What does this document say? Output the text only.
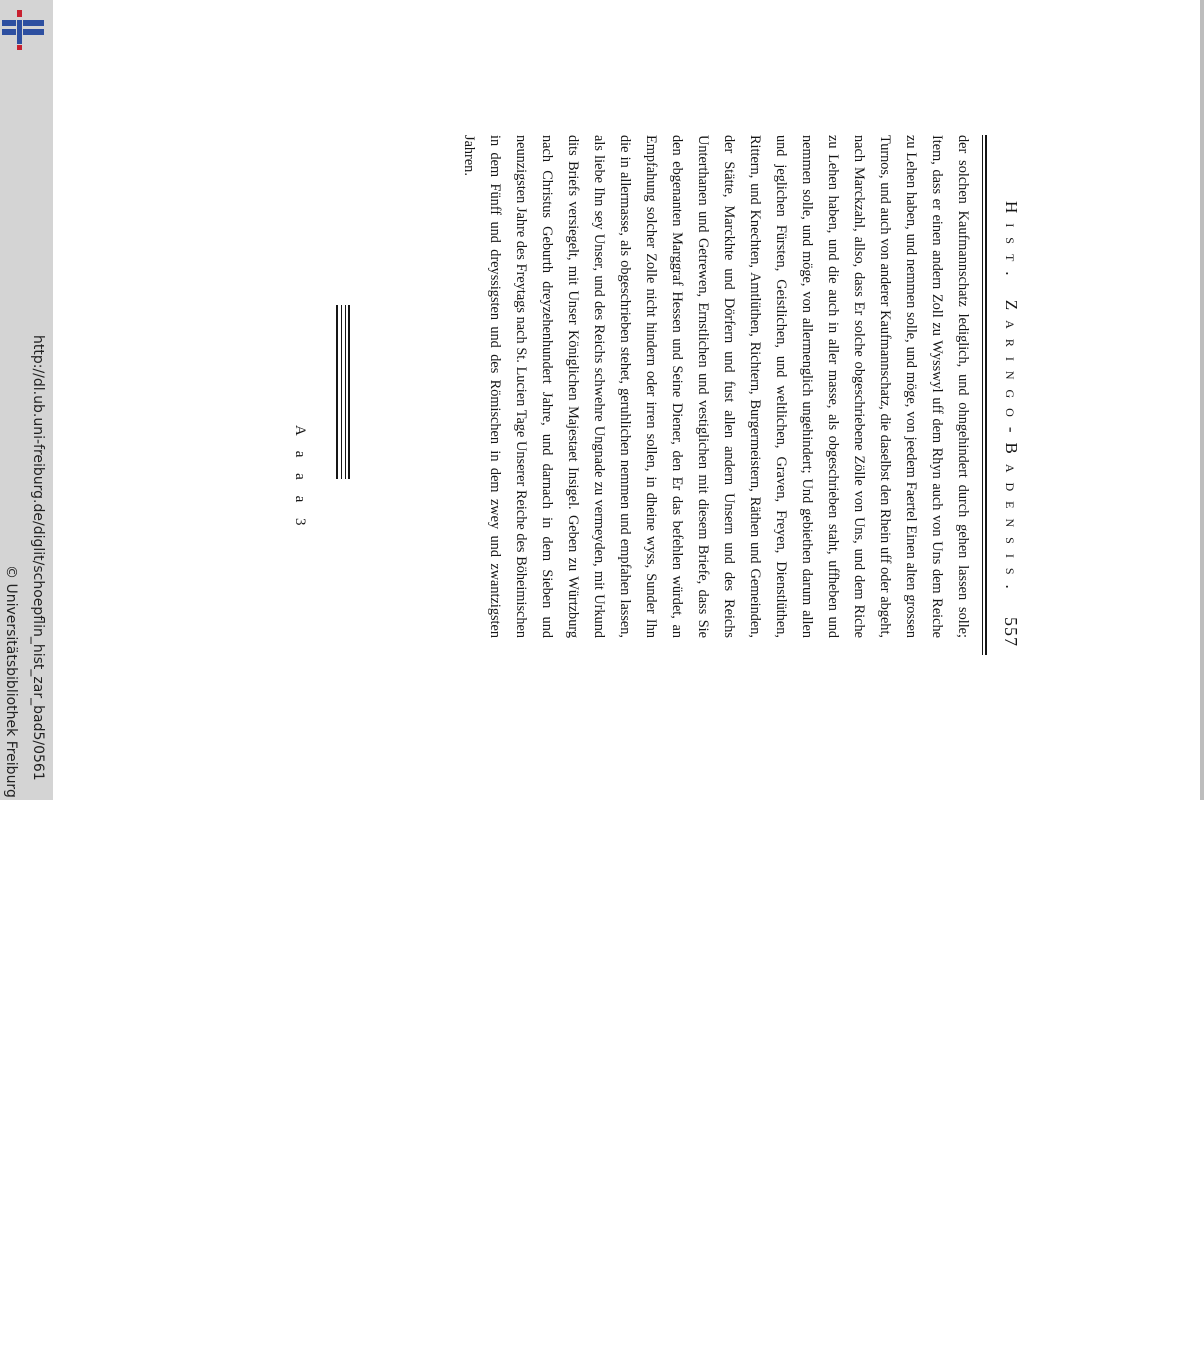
http://dl.ub.uni-freiburg.de/diglit/schoepflin_hist_zar_bad5/0561
© Universitätsbibliothek Freiburg
Hist. Zaringo-Badensis.
557

der solchen Kaufmannschatz lediglich, und ohngehindert durch gehen lassen solle; Item, dass er einen andern Zoll zu Wysswyl uff dem Rhyn auch von Uns dem Reiche zu Lehen haben, und nemmen solle, und möge, von jeedem Faertel Einen alten grossen Turnos, und auch von anderer Kaufmannschatz, die daselbst den Rhein uff oder abgeht, nach Marckzahl, allso, dass Er solche obgeschriebene Zölle von Uns, und dem Riche zu Lehen haben, und die auch in aller masse, als obgeschrieben staht, uffheben und nemmen solle, und möge, von allermenglich ungehindert; Und gebiethen darum allen und jeglichen Fürsten, Geistlichen, und weltlichen, Graven, Freyen, Dienstlüthen, Rittern, und Knechten, Amtlüthen, Richtern, Burgermeistern, Räthen und Gemeinden, der Stätte, Marckhte und Dörfern und fust allen andern Unsern und des Reichs Unterthanen und Getrewen, Ernstlichen und vestiglichen mit diesem Briefe, dass Sie den ebgenanten Marggraf Hessen und Seine Diener, den Er das befehlen würdet, an Empfahung solcher Zolle nicht hindern oder irren sollen, in dheine wyss, Sunder Ihn die in allermasse, als obgeschrieben stehet, geruhlichen nemmen und empfahen lassen, als liebe Ihn sey Unser, und des Reichs schwehre Ungnade zu vermeyden, mit Urkund dits Briefs versiegelt, mit Unser Königlichen Majestaet Insigel. Geben zu Würtzburg nach Christus Geburth dreyzehenhundert Jahre, und darnach in dem Sieben und neunzigsten Jahre des Freytags nach St. Lucien Tage Unserer Reiche des Böheimischen in dem Fünff und dreyssigsten und des Römischen in dem zwey und zwantzigsten Jahren.

A a a a 3
